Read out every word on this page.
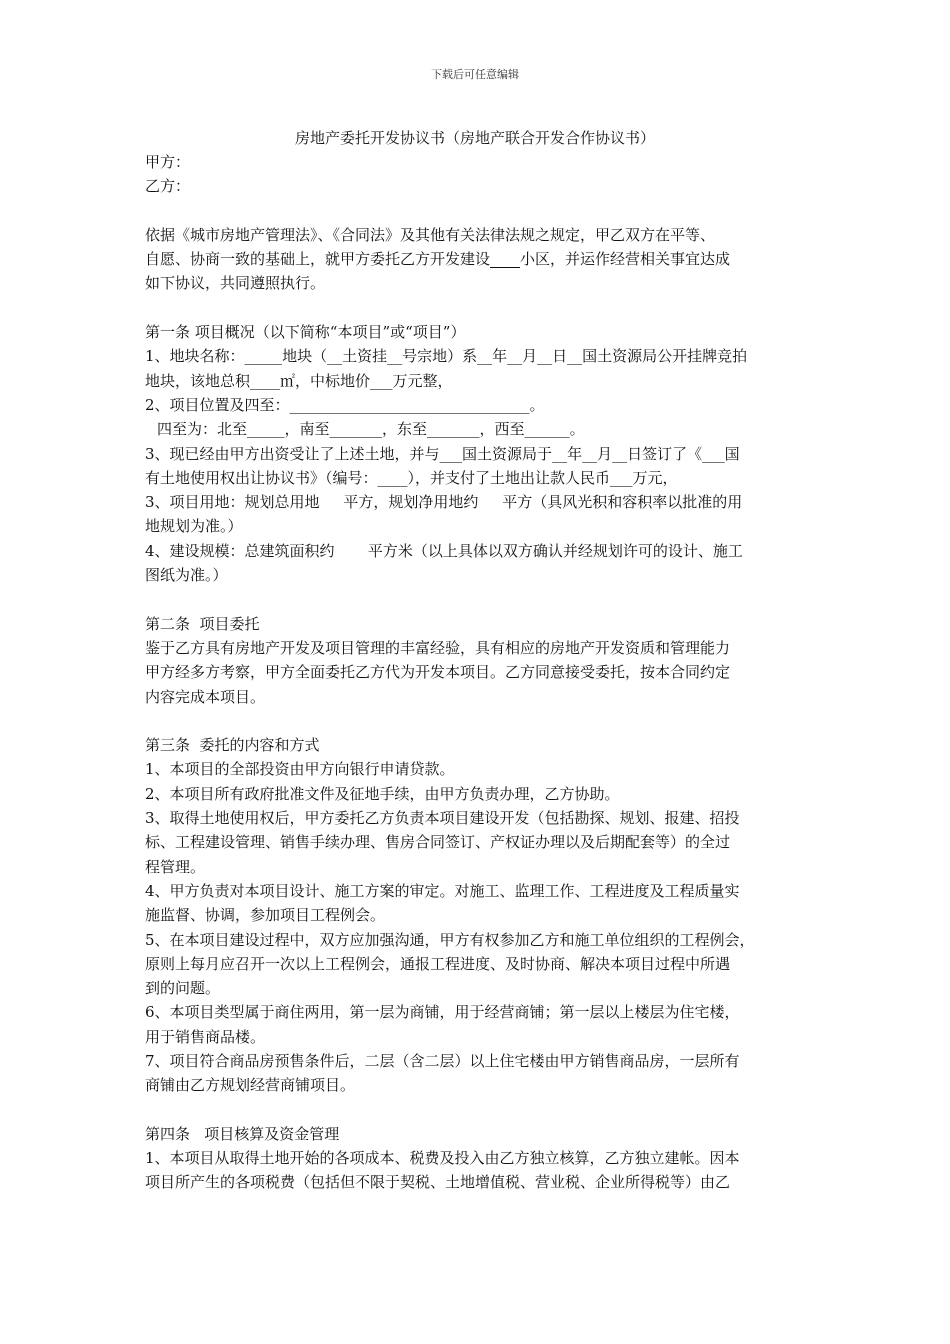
下载后可任意编辑
房地产委托开发协议书（房地产联合开发合作协议书）
甲方：
乙方：
依据《城市房地产管理法》、《合同法》及其他有关法律法规之规定，甲乙双方在平等、
自愿、协商一致的基础上，就甲方委托乙方开发建设____小区，并运作经营相关事宜达成
如下协议，共同遵照执行。
第一条 项目概况（以下简称“本项目”或“项目”）
1、地块名称：_____地块（__土资挂__号宗地）系__年__月__日__国土资源局公开挂牌竞拍
地块，该地总积____㎡，中标地价___万元整，
2、项目位置及四至：________________________________。
四至为：北至_____，南至_______，东至_______，西至______。
3、现已经由甲方出资受让了上述土地，并与___国土资源局于__年__月__日签订了《___国
有土地使用权出让协议书》（编号：____），并支付了土地出让款人民币___万元，
3、项目用地：规划总用地     平方，规划净用地约     平方（具风光积和容积率以批准的用
地规划为准。）
4、建设规模：总建筑面积约       平方米（以上具体以双方确认并经规划许可的设计、施工
图纸为准。）
第二条  项目委托
鉴于乙方具有房地产开发及项目管理的丰富经验，具有相应的房地产开发资质和管理能力
甲方经多方考察，甲方全面委托乙方代为开发本项目。乙方同意接受委托，按本合同约定
内容完成本项目。
第三条  委托的内容和方式
1、本项目的全部投资由甲方向银行申请贷款。
2、本项目所有政府批准文件及征地手续，由甲方负责办理，乙方协助。
3、取得土地使用权后，甲方委托乙方负责本项目建设开发（包括勘探、规划、报建、招投
标、工程建设管理、销售手续办理、售房合同签订、产权证办理以及后期配套等）的全过
程管理。
4、甲方负责对本项目设计、施工方案的审定。对施工、监理工作、工程进度及工程质量实
施监督、协调，参加项目工程例会。
5、在本项目建设过程中，双方应加强沟通，甲方有权参加乙方和施工单位组织的工程例会，
原则上每月应召开一次以上工程例会，通报工程进度、及时协商、解决本项目过程中所遇
到的问题。
6、本项目类型属于商住两用，第一层为商铺，用于经营商铺；第一层以上楼层为住宅楼，
用于销售商品楼。
7、项目符合商品房预售条件后，二层（含二层）以上住宅楼由甲方销售商品房，一层所有
商铺由乙方规划经营商铺项目。
第四条   项目核算及资金管理
1、本项目从取得土地开始的各项成本、税费及投入由乙方独立核算，乙方独立建帐。因本
项目所产生的各项税费（包括但不限于契税、土地增值税、营业税、企业所得税等）由乙
